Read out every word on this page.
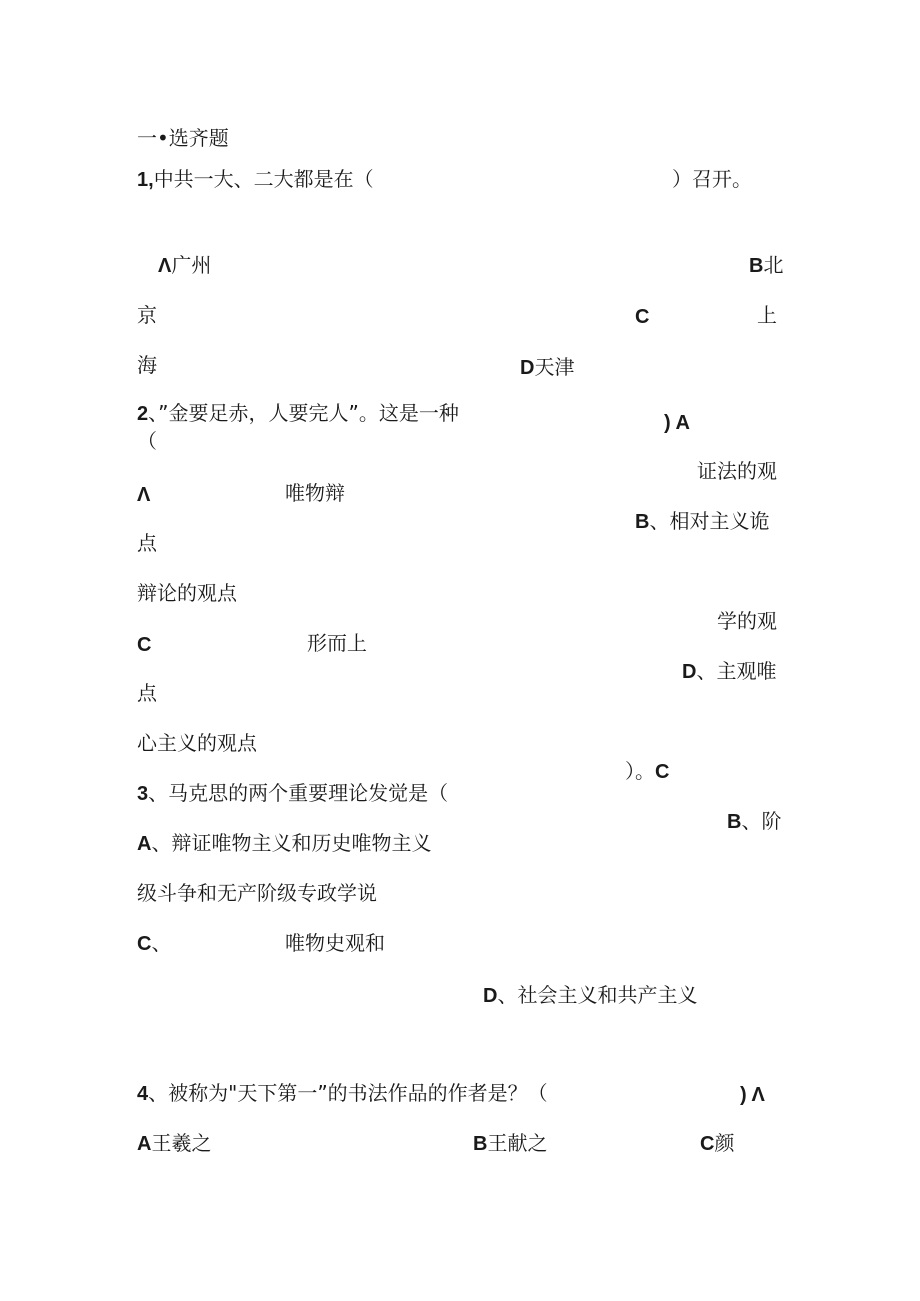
一•选齐题
1,中共一大、二大都是在（	）召开。
Λ广州	B北
京	C	上
海	D天津
2、”金要足赤，人要完人”。这是一种
（
) A
证法的观
Λ	唯物辩
B、相对主义诡
点
辩论的观点
学的观
C	形而上
D、主观唯
点
心主义的观点
）。C
3、马克思的两个重要理论发觉是（
B、阶
A、辩证唯物主义和历史唯物主义
级斗争和无产阶级专政学说
C、	唯物史观和
D、社会主义和共产主义
4、被称为"天下第一”的书法作品的作者是？（	) Λ
A王羲之	B王献之	C颜
